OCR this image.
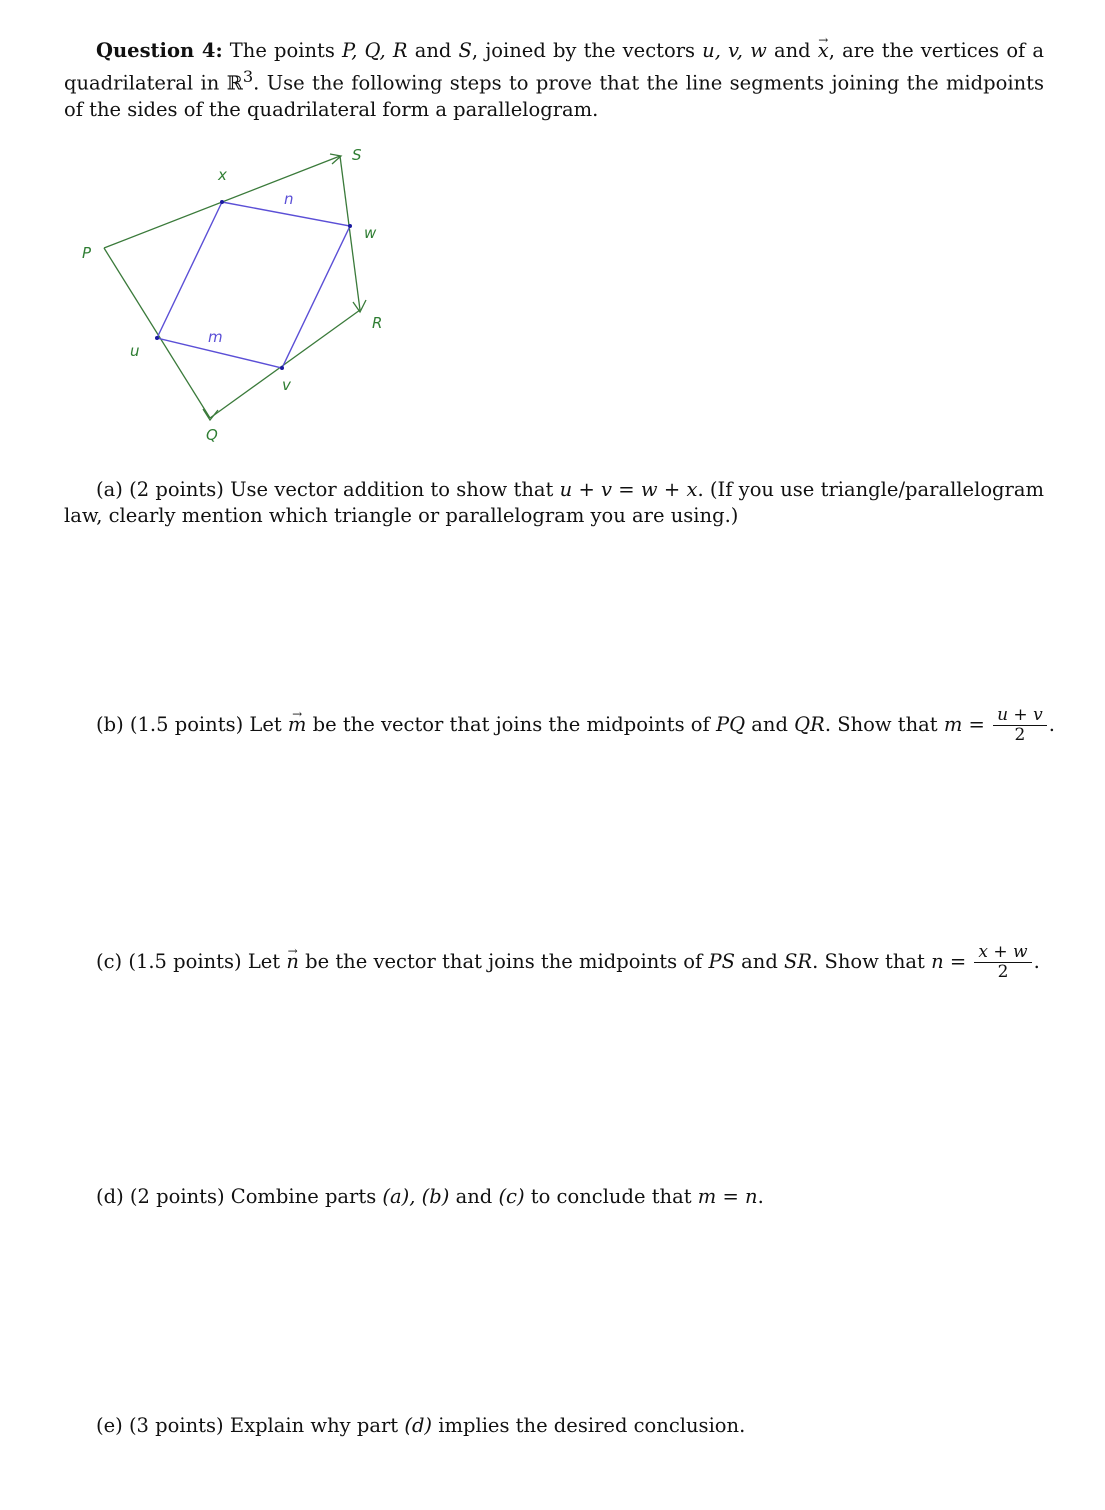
Question 4: The points P, Q, R and S, joined by the vectors u, v, w and → x, are the vertices of a quadrilateral in ℝ$^3$. Use the following steps to prove that the line segments joining the midpoints of the sides of the quadrilateral form a parallelogram.
P
Q
R
S
u
v
w
x
m
n
(a) (2 points) Use vector addition to show that u + v = w + x. (If you use triangle/parallelogram law, clearly mention which triangle or parallelogram you are using.)
(b) (1.5 points) Let → m be the vector that joins the midpoints of PQ and QR. Show that $m = \frac{u + v}{2}$ .
(c) (1.5 points) Let → n be the vector that joins the midpoints of PS and SR. Show that $n = \frac{x + w}{2}$ .
(d) (2 points) Combine parts (a), (b) and (c) to conclude that m = n.
(e) (3 points) Explain why part (d) implies the desired conclusion.
